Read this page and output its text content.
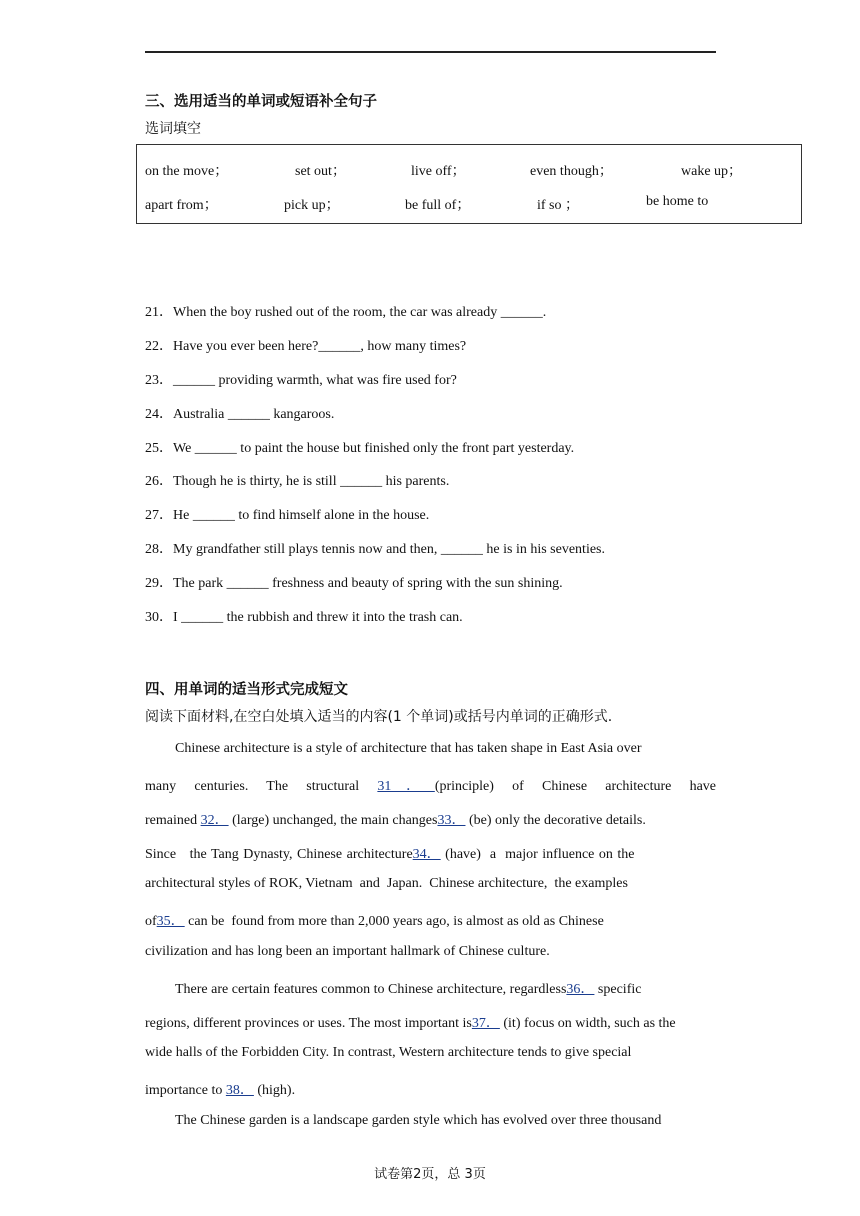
三、选用适当的单词或短语补全句子
选词填空
on the move；	set out；	live off；	even though；	wake up；
apart from；	pick up；	be full of；	if so ；	be home to
21．When the boy rushed out of the room, the car was already ______.
22．Have you ever been here?______, how many times?
23．______ providing warmth, what was fire used for?
24．Australia ______ kangaroos.
25．We ______ to paint the house but finished only the front part yesterday.
26．Though he is thirty, he is still ______ his parents.
27．He ______ to find himself alone in the house.
28．My grandfather still plays tennis now and then, ______ he is in his seventies.
29．The park ______ freshness and beauty of spring with the sun shining.
30．I ______ the rubbish and threw it into the trash can.
四、用单词的适当形式完成短文
阅读下面材料,在空白处填入适当的内容(1 个单词)或括号内单词的正确形式.
Chinese architecture is a style of architecture that has taken shape in East Asia over
many centuries. The structural 31．(principle) of Chinese architecture have
remained 32． (large) unchanged, the main changes33． (be) only the decorative details.
Since   the Tang Dynasty, Chinese architecture34． (have)  a  major influence on the
architectural styles of ROK, Vietnam  and  Japan.  Chinese architecture,  the examples
of35． can be  found from more than 2,000 years ago, is almost as old as Chinese
civilization and has long been an important hallmark of Chinese culture.
There are certain features common to Chinese architecture, regardless36． specific
regions, different provinces or uses. The most important is37． (it) focus on width, such as the
wide halls of the Forbidden City. In contrast, Western architecture tends to give special
importance to 38． (high).
The Chinese garden is a landscape garden style which has evolved over three thousand
试卷第2页，总 3页
